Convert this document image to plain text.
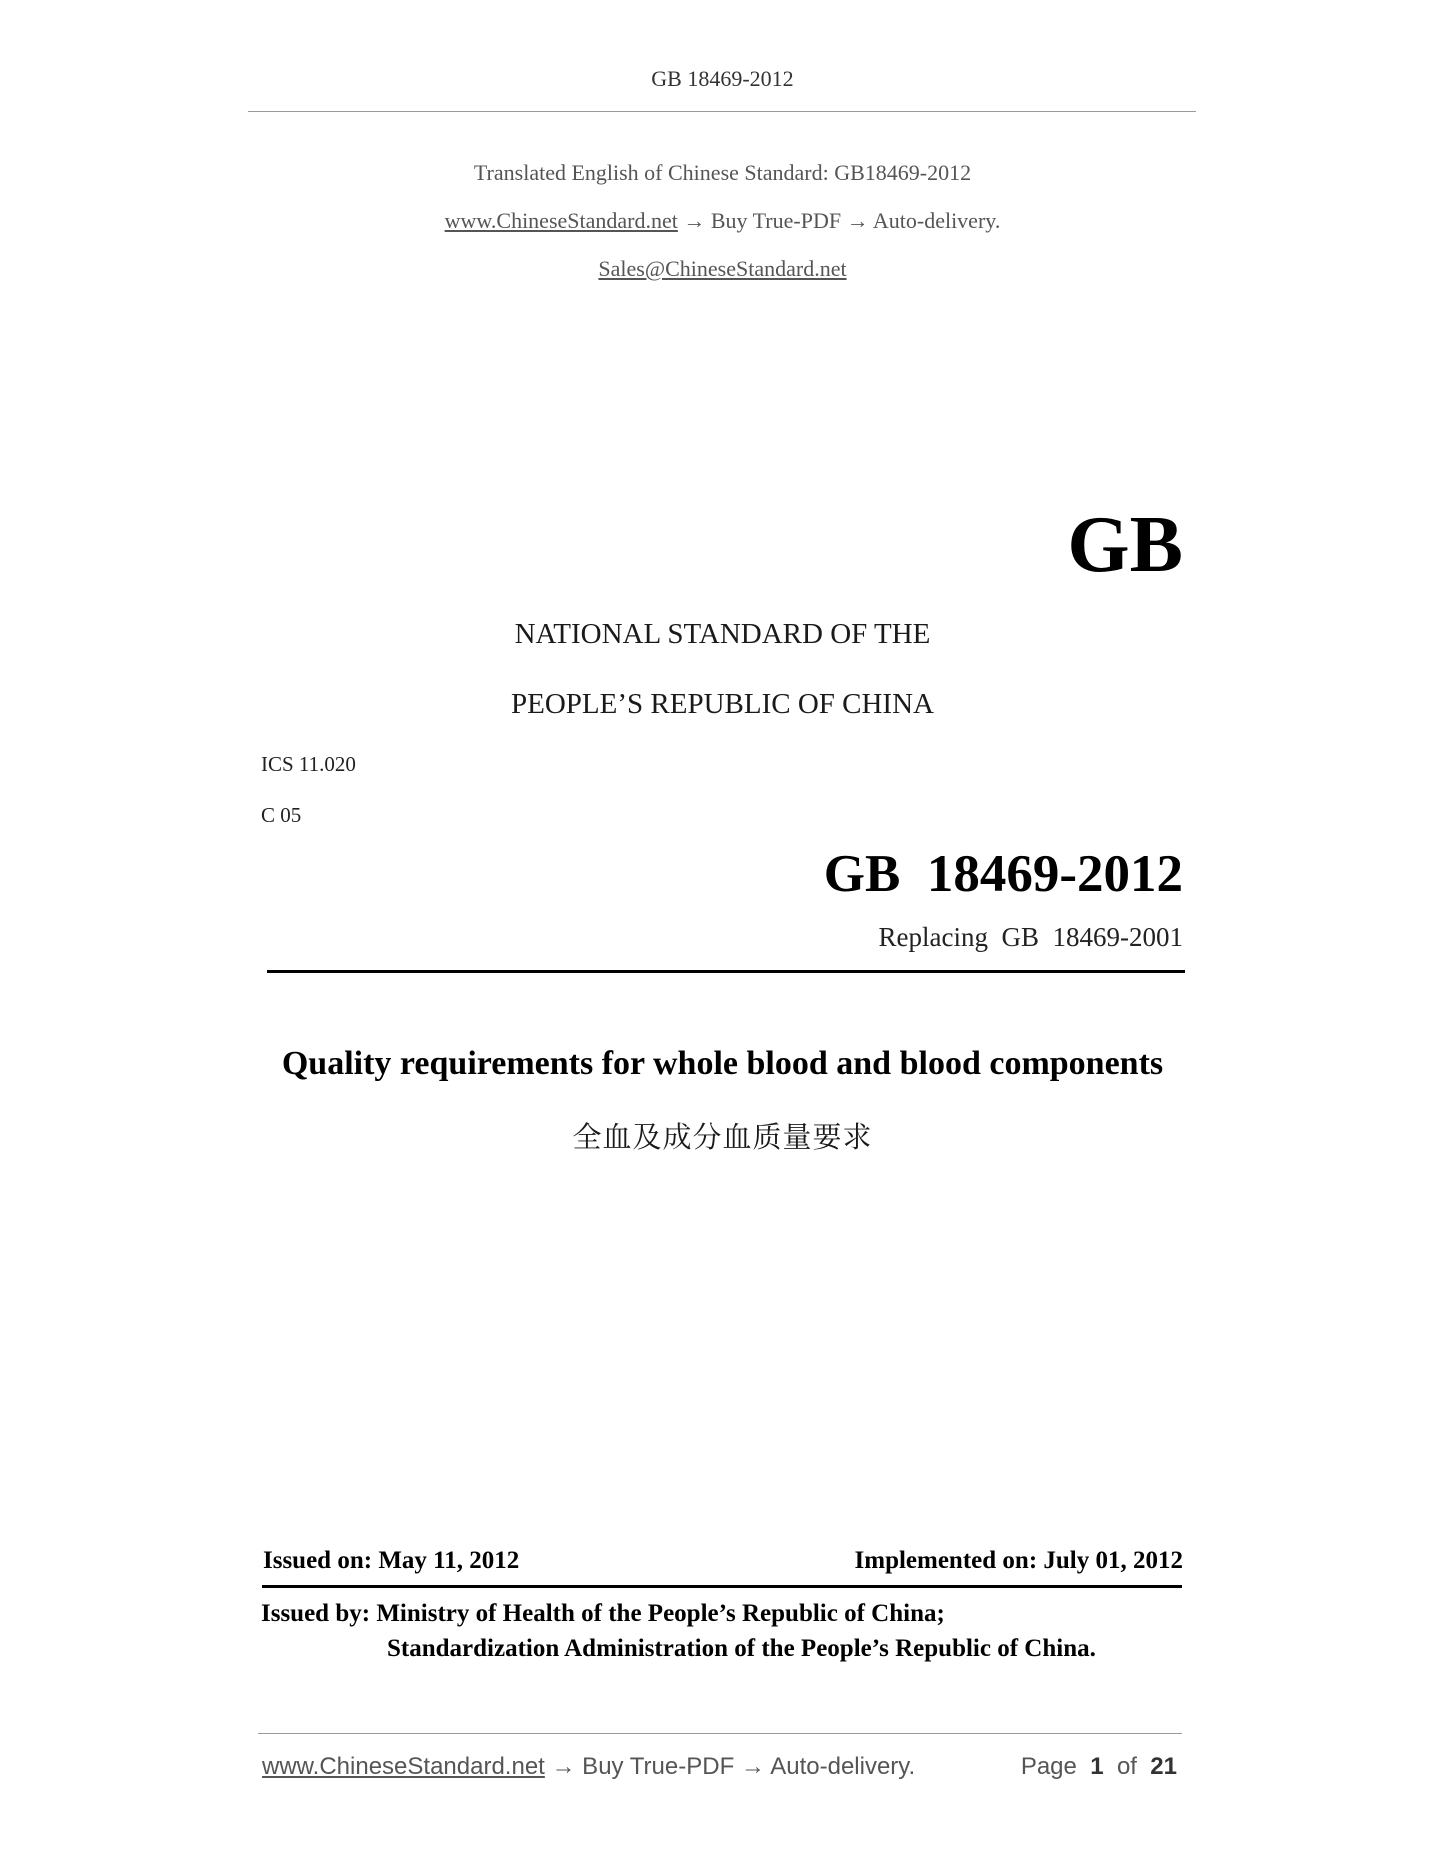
GB 18469-2012
Translated English of Chinese Standard: GB18469-2012
www.ChineseStandard.net → Buy True-PDF → Auto-delivery.
Sales@ChineseStandard.net
GB
NATIONAL STANDARD OF THE
PEOPLE’S REPUBLIC OF CHINA
ICS 11.020
C 05
GB  18469-2012
Replacing  GB  18469-2001
Quality requirements for whole blood and blood components
全血及成分血质量要求
Issued on: May 11, 2012	Implemented on: July 01, 2012
Issued by: Ministry of Health of the People’s Republic of China;
Standardization Administration of the People’s Republic of China.
www.ChineseStandard.net → Buy True-PDF → Auto-delivery.	Page 1 of 21
